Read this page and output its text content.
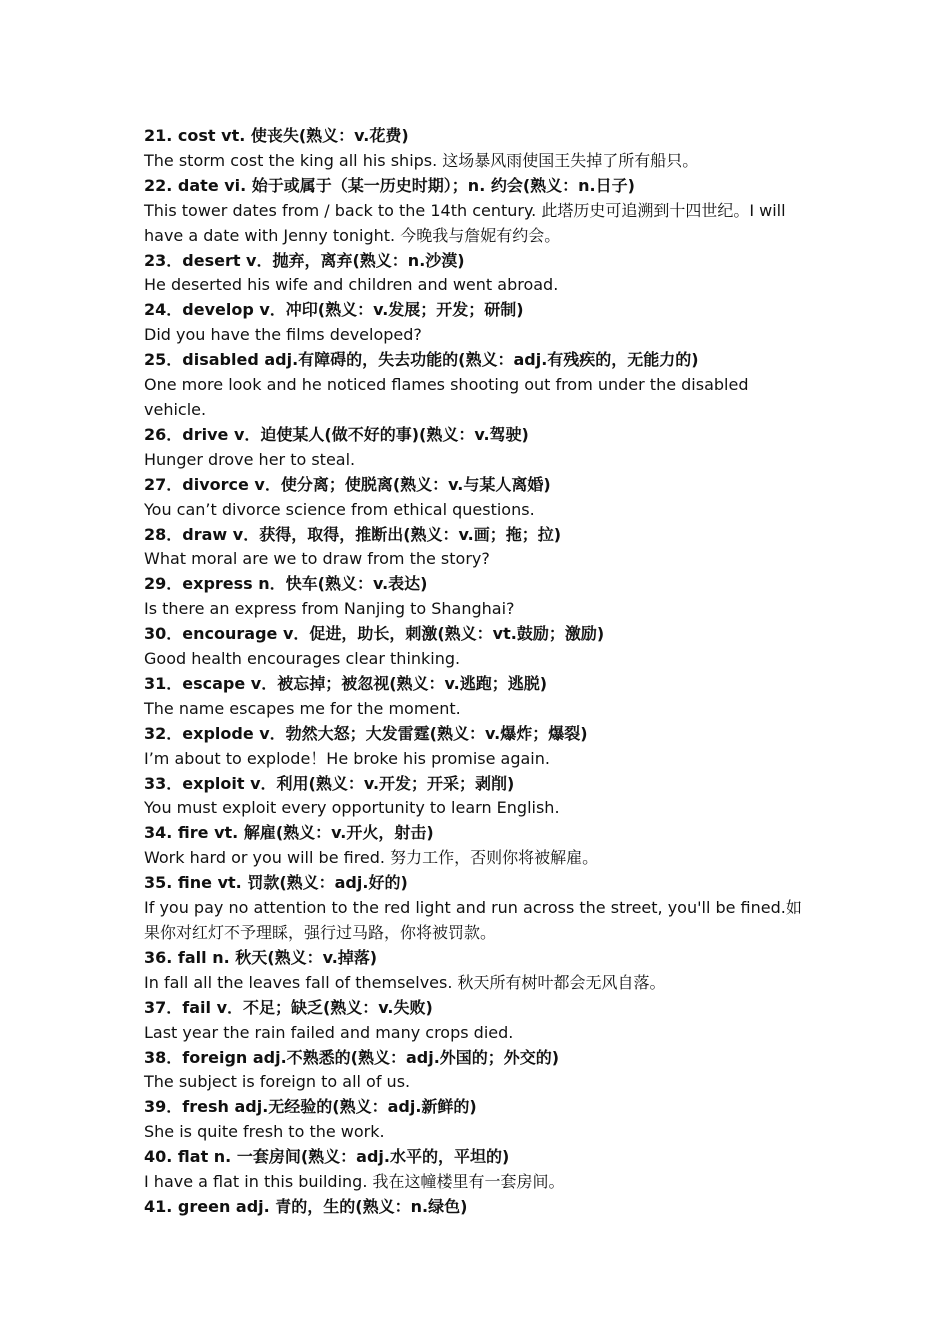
21. cost vt. 使丧失(熟义：v.花费)
The storm cost the king all his ships. 这场暴风雨使国王失掉了所有船只。
22. date vi. 始于或属于（某一历史时期）；n. 约会(熟义：n.日子)
This tower dates from / back to the 14th century. 此塔历史可追溯到十四世纪。I will
have a date with Jenny tonight. 今晚我与詹妮有约会。
23．desert v．抛弃，离弃(熟义：n.沙漠)
He deserted his wife and children and went abroad.
24．develop v．冲印(熟义：v.发展；开发；研制)
Did you have the films developed?
25．disabled adj.有障碍的，失去功能的(熟义：adj.有残疾的，无能力的)
One more look and he noticed flames shooting out from under the disabled
vehicle.
26．drive v．迫使某人(做不好的事)(熟义：v.驾驶)
Hunger drove her to steal.
27．divorce v．使分离；使脱离(熟义：v.与某人离婚)
You can’t divorce science from ethical questions.
28．draw v．获得，取得，推断出(熟义：v.画；拖；拉)
What moral are we to draw from the story?
29．express n．快车(熟义：v.表达)
Is there an express from Nanjing to Shanghai?
30．encourage v．促进，助长，刺激(熟义：vt.鼓励；激励)
Good health encourages clear thinking.
31．escape v．被忘掉；被忽视(熟义：v.逃跑；逃脱)
The name escapes me for the moment.
32．explode v．勃然大怒；大发雷霆(熟义：v.爆炸；爆裂)
I’m about to explode！He broke his promise again.
33．exploit v．利用(熟义：v.开发；开采；剥削)
You must exploit every opportunity to learn English.
34. fire vt. 解雇(熟义：v.开火，射击)
Work hard or you will be fired. 努力工作，否则你将被解雇。
35. fine vt. 罚款(熟义：adj.好的)
If you pay no attention to the red light and run across the street, you'll be fined.如
果你对红灯不予理睬，强行过马路，你将被罚款。
36. fall n. 秋天(熟义：v.掉落)
In fall all the leaves fall of themselves. 秋天所有树叶都会无风自落。
37．fail v．不足；缺乏(熟义：v.失败)
Last year the rain failed and many crops died.
38．foreign adj.不熟悉的(熟义：adj.外国的；外交的)
The subject is foreign to all of us.
39．fresh adj.无经验的(熟义：adj.新鲜的)
She is quite fresh to the work.
40. flat n. 一套房间(熟义：adj.水平的，平坦的)
I have a flat in this building. 我在这幢楼里有一套房间。
41. green adj. 青的，生的(熟义：n.绿色)
